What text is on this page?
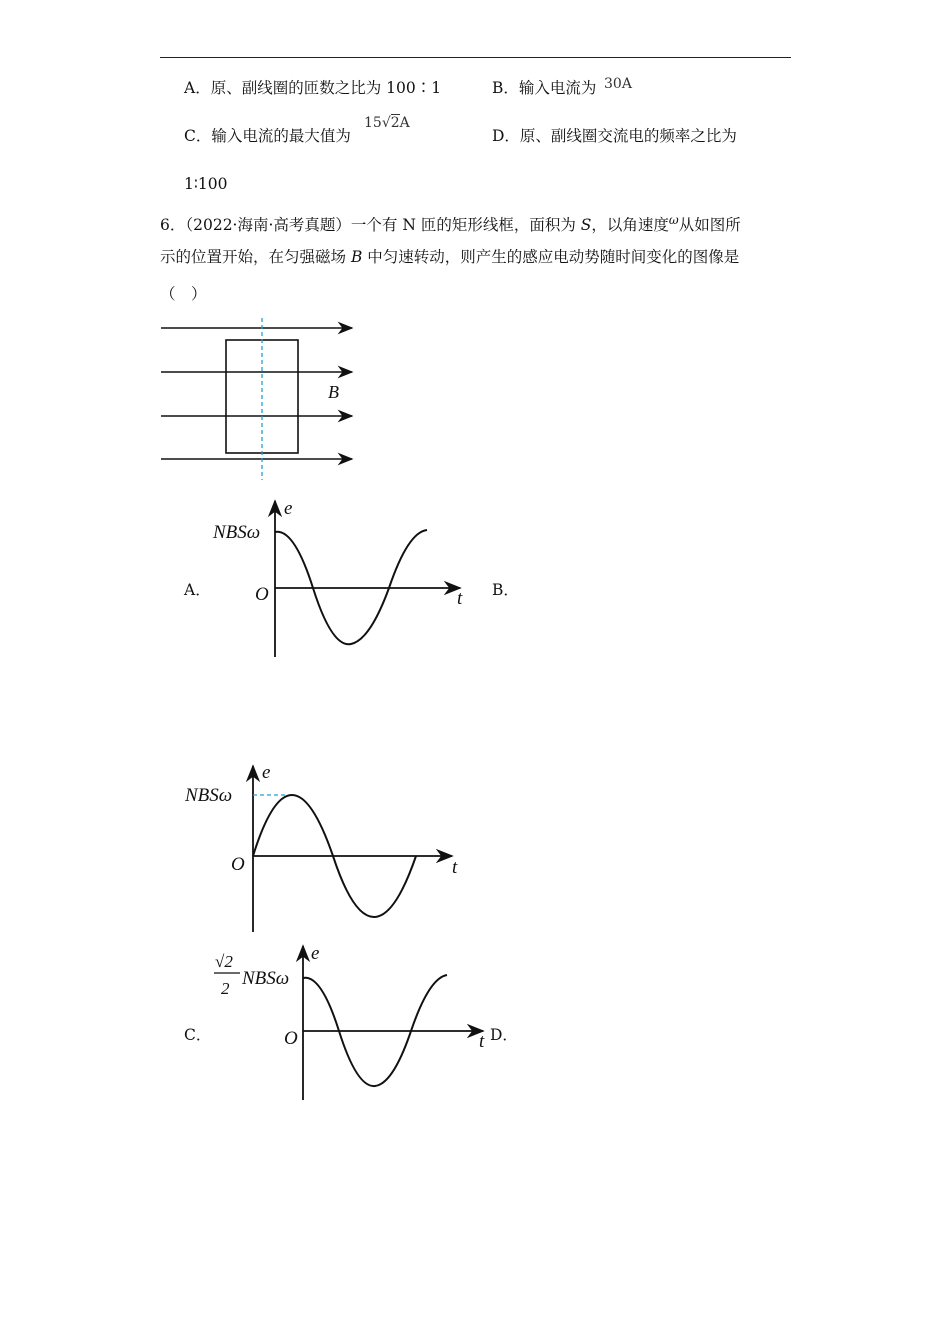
A．原、副线圈的匝数之比为 100∶1	B．输入电流为 30A
C．输入电流的最大值为
15√2A
D．原、副线圈交流电的频率之比为
1∶100
6．（2022·海南·高考真题）一个有 N 匝的矩形线框，面积为 S，以角速度$^\omega$从如图所
示的位置开始，在匀强磁场 B 中匀速转动，则产生的感应电动势随时间变化的图像是
（　）
B
A．
e
t
O
NBSω
B．
e
t
O
NBSω
C．
e
t
O
√2
2 NBSω
D．
